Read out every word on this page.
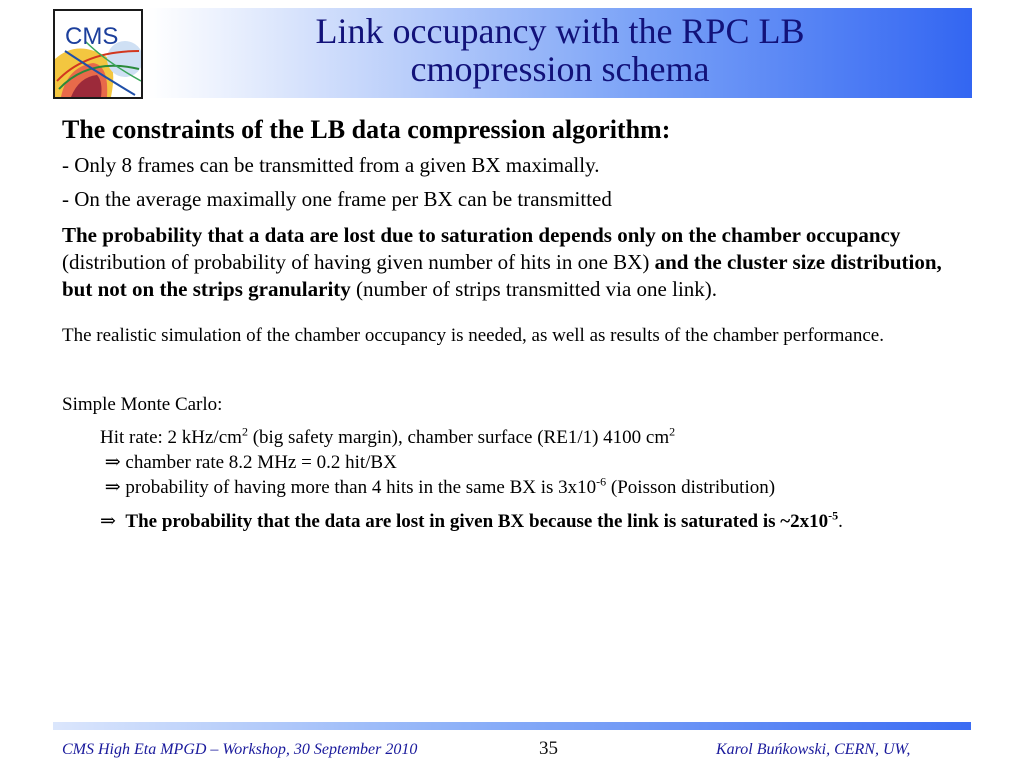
CMS	Link occupancy with the RPC LB
cmopression schema

The constraints of the LB data compression algorithm:

- Only 8 frames can be transmitted from a given BX maximally.

- On the average maximally one frame per BX can be transmitted

The probability that a data are lost due to saturation depends only on the chamber occupancy (distribution of probability of having given number of hits in one BX) and the cluster size distribution,
but not on the strips granularity (number of strips transmitted via one link).

The realistic simulation of the chamber occupancy is needed, as well as results of the chamber performance.

Simple Monte Carlo:

Hit rate: 2 kHz/$cm^2$ (big safety margin), chamber surface (RE1/1) 4100 $cm^2$
⇒ chamber rate 8.2 MHz = 0.2 hit/BX
⇒ probability of having more than 4 hits in the same BX is $3x10^{-6}$ (Poisson distribution)
⇒ The probability that the data are lost in given BX because the link is saturated is $\sim 2x10^{-5}$.
CMS High Eta MPGD – Workshop, 30 September 2010	35	Karol Buńkowski, CERN, UW,
